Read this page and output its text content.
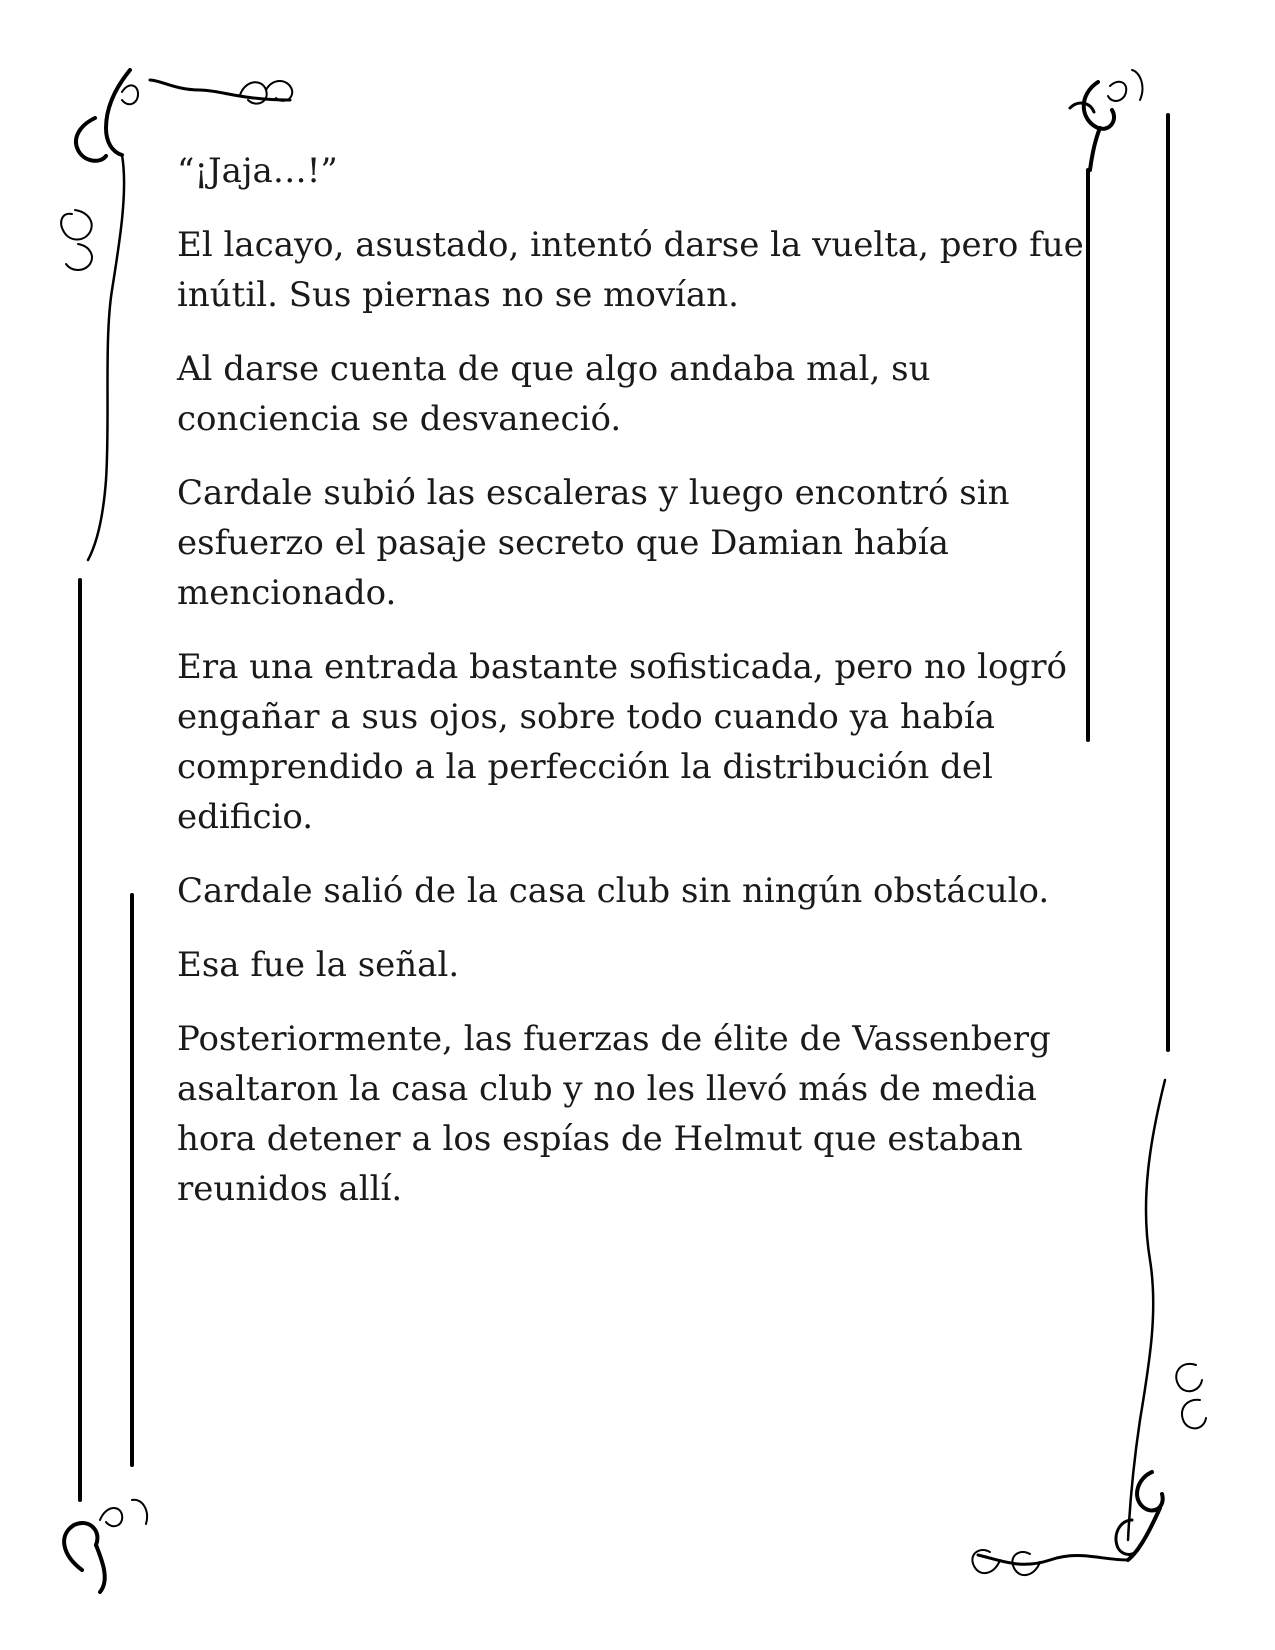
“¡Jaja…!”

El lacayo, asustado, intentó darse la vuelta, pero fue inútil. Sus piernas no se movían.

Al darse cuenta de que algo andaba mal, su conciencia se desvaneció.

Cardale subió las escaleras y luego encontró sin esfuerzo el pasaje secreto que Damian había mencionado.

Era una entrada bastante sofisticada, pero no logró engañar a sus ojos, sobre todo cuando ya había comprendido a la perfección la distribución del edificio.

Cardale salió de la casa club sin ningún obstáculo.

Esa fue la señal.

Posteriormente, las fuerzas de élite de Vassenberg asaltaron la casa club y no les llevó más de media hora detener a los espías de Helmut que estaban reunidos allí.
